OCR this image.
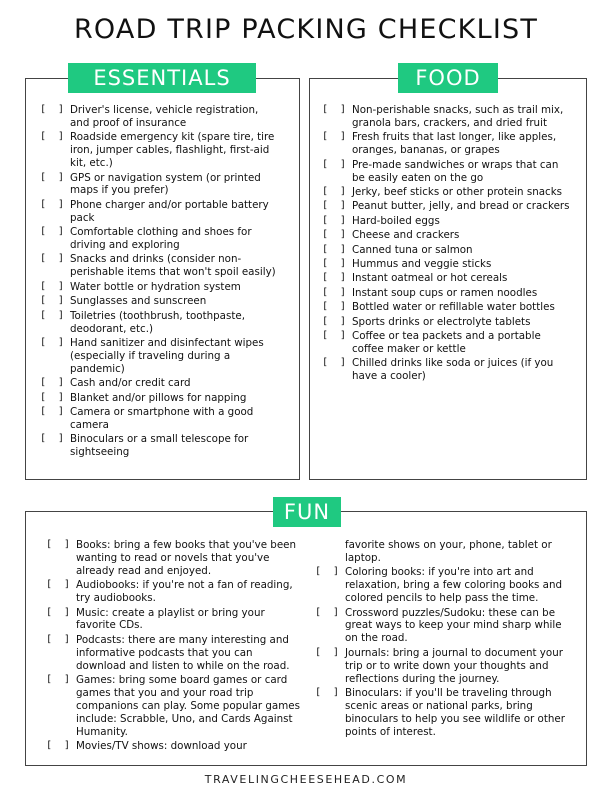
ROAD TRIP PACKING CHECKLIST
ESSENTIALS	FOOD
FUN
[  ] Driver's license, vehicle registration, and proof of insurance
[  ] Roadside emergency kit (spare tire, tire iron, jumper cables, flashlight, first-aid kit, etc.)
[  ] GPS or navigation system (or printed maps if you prefer)
[  ] Phone charger and/or portable battery pack
[  ] Comfortable clothing and shoes for driving and exploring
[  ] Snacks and drinks (consider non-perishable items that won't spoil easily)
[  ] Water bottle or hydration system
[  ] Sunglasses and sunscreen
[  ] Toiletries (toothbrush, toothpaste, deodorant, etc.)
[  ] Hand sanitizer and disinfectant wipes (especially if traveling during a pandemic)
[  ] Cash and/or credit card
[  ] Blanket and/or pillows for napping
[  ] Camera or smartphone with a good camera
[  ] Binoculars or a small telescope for sightseeing
[  ] Non-perishable snacks, such as trail mix, granola bars, crackers, and dried fruit
[  ] Fresh fruits that last longer, like apples, oranges, bananas, or grapes
[  ] Pre-made sandwiches or wraps that can be easily eaten on the go
[  ] Jerky, beef sticks or other protein snacks
[  ] Peanut butter, jelly, and bread or crackers
[  ] Hard-boiled eggs
[  ] Cheese and crackers
[  ] Canned tuna or salmon
[  ] Hummus and veggie sticks
[  ] Instant oatmeal or hot cereals
[  ] Instant soup cups or ramen noodles
[  ] Bottled water or refillable water bottles
[  ] Sports drinks or electrolyte tablets
[  ] Coffee or tea packets and a portable coffee maker or kettle
[  ] Chilled drinks like soda or juices (if you have a cooler)
[  ] Books: bring a few books that you've been wanting to read or novels that you've already read and enjoyed.
[  ] Audiobooks: if you're not a fan of reading, try audiobooks.
[  ] Music: create a playlist or bring your favorite CDs.
[  ] Podcasts: there are many interesting and informative podcasts that you can download and listen to while on the road.
[  ] Games: bring some board games or card games that you and your road trip companions can play. Some popular games include: Scrabble, Uno, and Cards Against Humanity.
[  ] Movies/TV shows: download your
favorite shows on your, phone, tablet or laptop.
[  ] Coloring books: if you're into art and relaxation, bring a few coloring books and colored pencils to help pass the time.
[  ] Crossword puzzles/Sudoku: these can be great ways to keep your mind sharp while on the road.
[  ] Journals: bring a journal to document your trip or to write down your thoughts and reflections during the journey.
[  ] Binoculars: if you'll be traveling through scenic areas or national parks, bring binoculars to help you see wildlife or other points of interest.
TRAVELINGCHEESEHEAD.COM
